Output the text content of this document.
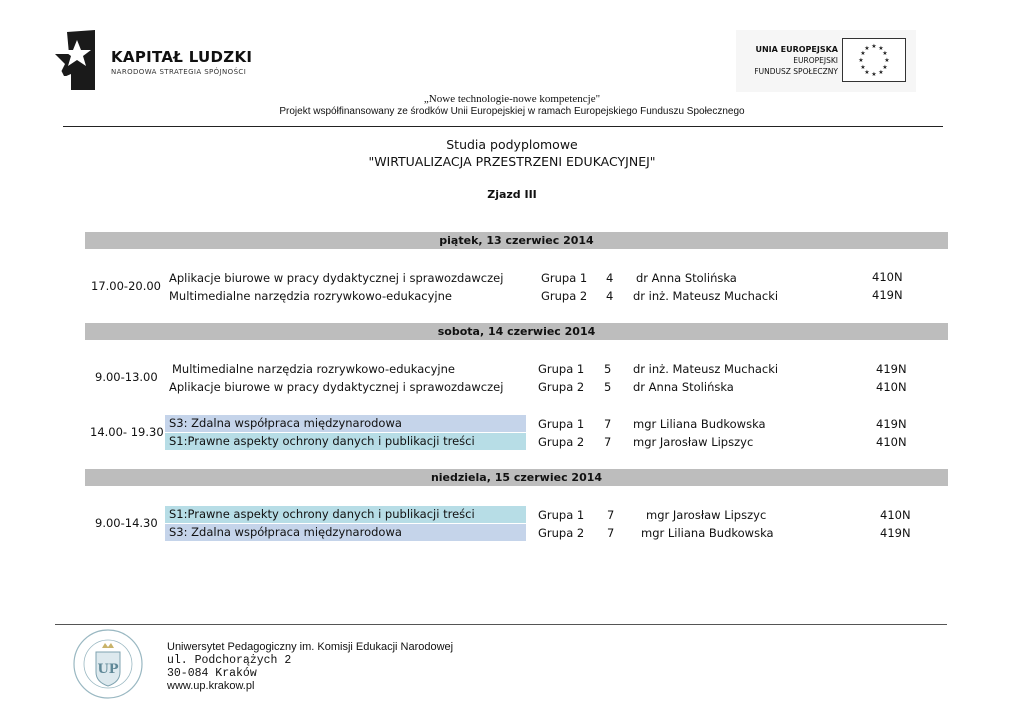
KAPITAŁ LUDZKI
NARODOWA STRATEGIA SPÓJNOŚCI
UNIA EUROPEJSKA
EUROPEJSKI
FUNDUSZ SPOŁECZNY
★ ★
★
★
★
★
★
★
★
★
★
★
„Nowe technologie-nowe kompetencje"
Projekt współfinansowany ze środków Unii Europejskiej w ramach Europejskiego Funduszu Społecznego
Studia podyplomowe
"WIRTUALIZACJA PRZESTRZENI EDUKACYJNEJ"
Zjazd III
piątek, 13 czerwiec 2014
17.00-20.00
Aplikacje biurowe w pracy dydaktycznej i sprawozdawczej	Grupa 1 4 dr Anna Stolińska	410N
Multimedialne narzędzia rozrywkowo-edukacyjne	Grupa 2 4 dr inż. Mateusz Muchacki	419N
sobota, 14 czerwiec 2014
9.00-13.00
Multimedialne narzędzia rozrywkowo-edukacyjne	Grupa 1 5 dr inż. Mateusz Muchacki	419N
Aplikacje biurowe w pracy dydaktycznej i sprawozdawczej	Grupa 2 5 dr Anna Stolińska	410N
14.00- 19.30
S3: Zdalna współpraca międzynarodowa	Grupa 1 7 mgr Liliana Budkowska	419N
S1:Prawne aspekty ochrony danych i publikacji treści	Grupa 2 7 mgr Jarosław Lipszyc	410N
niedziela, 15 czerwiec 2014
9.00-14.30
S1:Prawne aspekty ochrony danych i publikacji treści	Grupa 1 7	mgr Jarosław Lipszyc	410N
S3: Zdalna współpraca międzynarodowa	Grupa 2 7 mgr Liliana Budkowska	419N
UP
Uniwersytet Pedagogiczny im. Komisji Edukacji Narodowej
ul. Podchorążych 2
30-084 Kraków
www.up.krakow.pl
